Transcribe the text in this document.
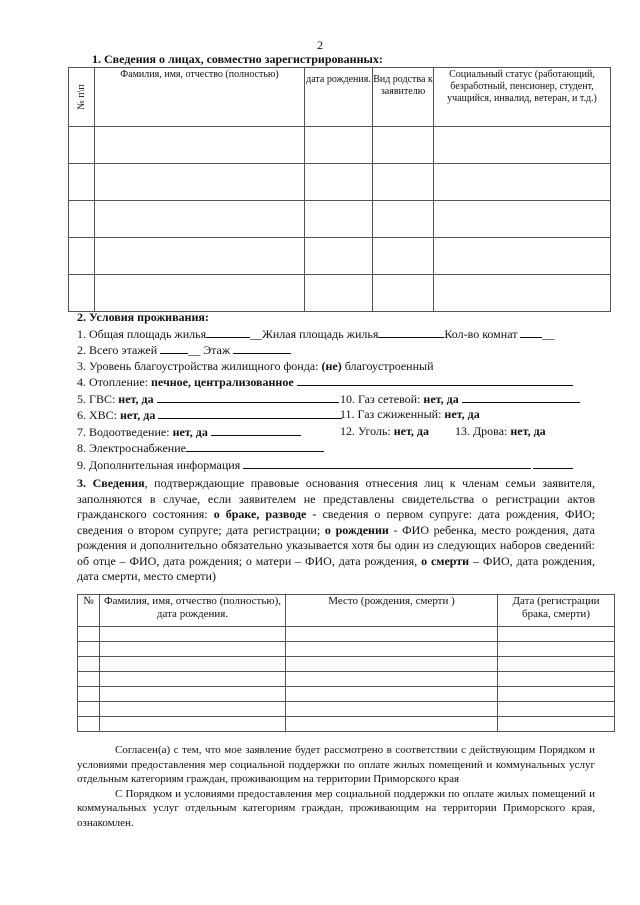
2
1. Сведения о лицах, совместно зарегистрированных:
№ п\п	Фамилия, имя, отчество (полностью)	дата рождения.	Вид родства к заявителю	Социальный статус (работающий, безработный, пенсионер, студент, учащийся, инвалид, ветеран, и т.д.)

2. Условия проживания:
1. Общая площадь жилья	__Жилая площадь жилья	Кол-во комнат __
2. Всего этажей	__ Этаж
3. Уровень благоустройства жилищного фонда: (не) благоустроенный
4. Отопление: печное, централизованное
5. ГВС: нет, да	10. Газ сетевой: нет, да
6. ХВС: нет, да	11. Газ сжиженный: нет, да
7. Водоотведение: нет, да	12. Уголь: нет, да 13. Дрова: нет, да
8. Электроснабжение
9. Дополнительная информация
3. Сведения, подтверждающие правовые основания отнесения лиц к членам семьи заявителя, заполняются в случае, если заявителем не представлены свидетельства о регистрации актов гражданского состояния: о браке, разводе - сведения о первом супруге: дата рождения, ФИО; сведения о втором супруге; дата регистрации; о рождении - ФИО ребенка, место рождения, дата рождения и дополнительно обязательно указывается хотя бы один из следующих наборов сведений: об отце – ФИО, дата рождения; о матери – ФИО, дата рождения, о смерти – ФИО, дата рождения, дата смерти, место смерти)
№	Фамилия, имя, отчество (полностью), дата рождения.	Место (рождения, смерти )	Дата (регистрации брака, смерти)

Согласен(а) с тем, что мое заявление будет рассмотрено в соответствии с действующим Порядком и условиями предоставления мер социальной поддержки по оплате жилых помещений и коммунальных услуг отдельным категориям граждан, проживающим на территории Приморского края

С Порядком и условиями предоставления мер социальной поддержки по оплате жилых помещений и коммунальных услуг отдельным категориям граждан, проживающим на территории Приморского края, ознакомлен.
